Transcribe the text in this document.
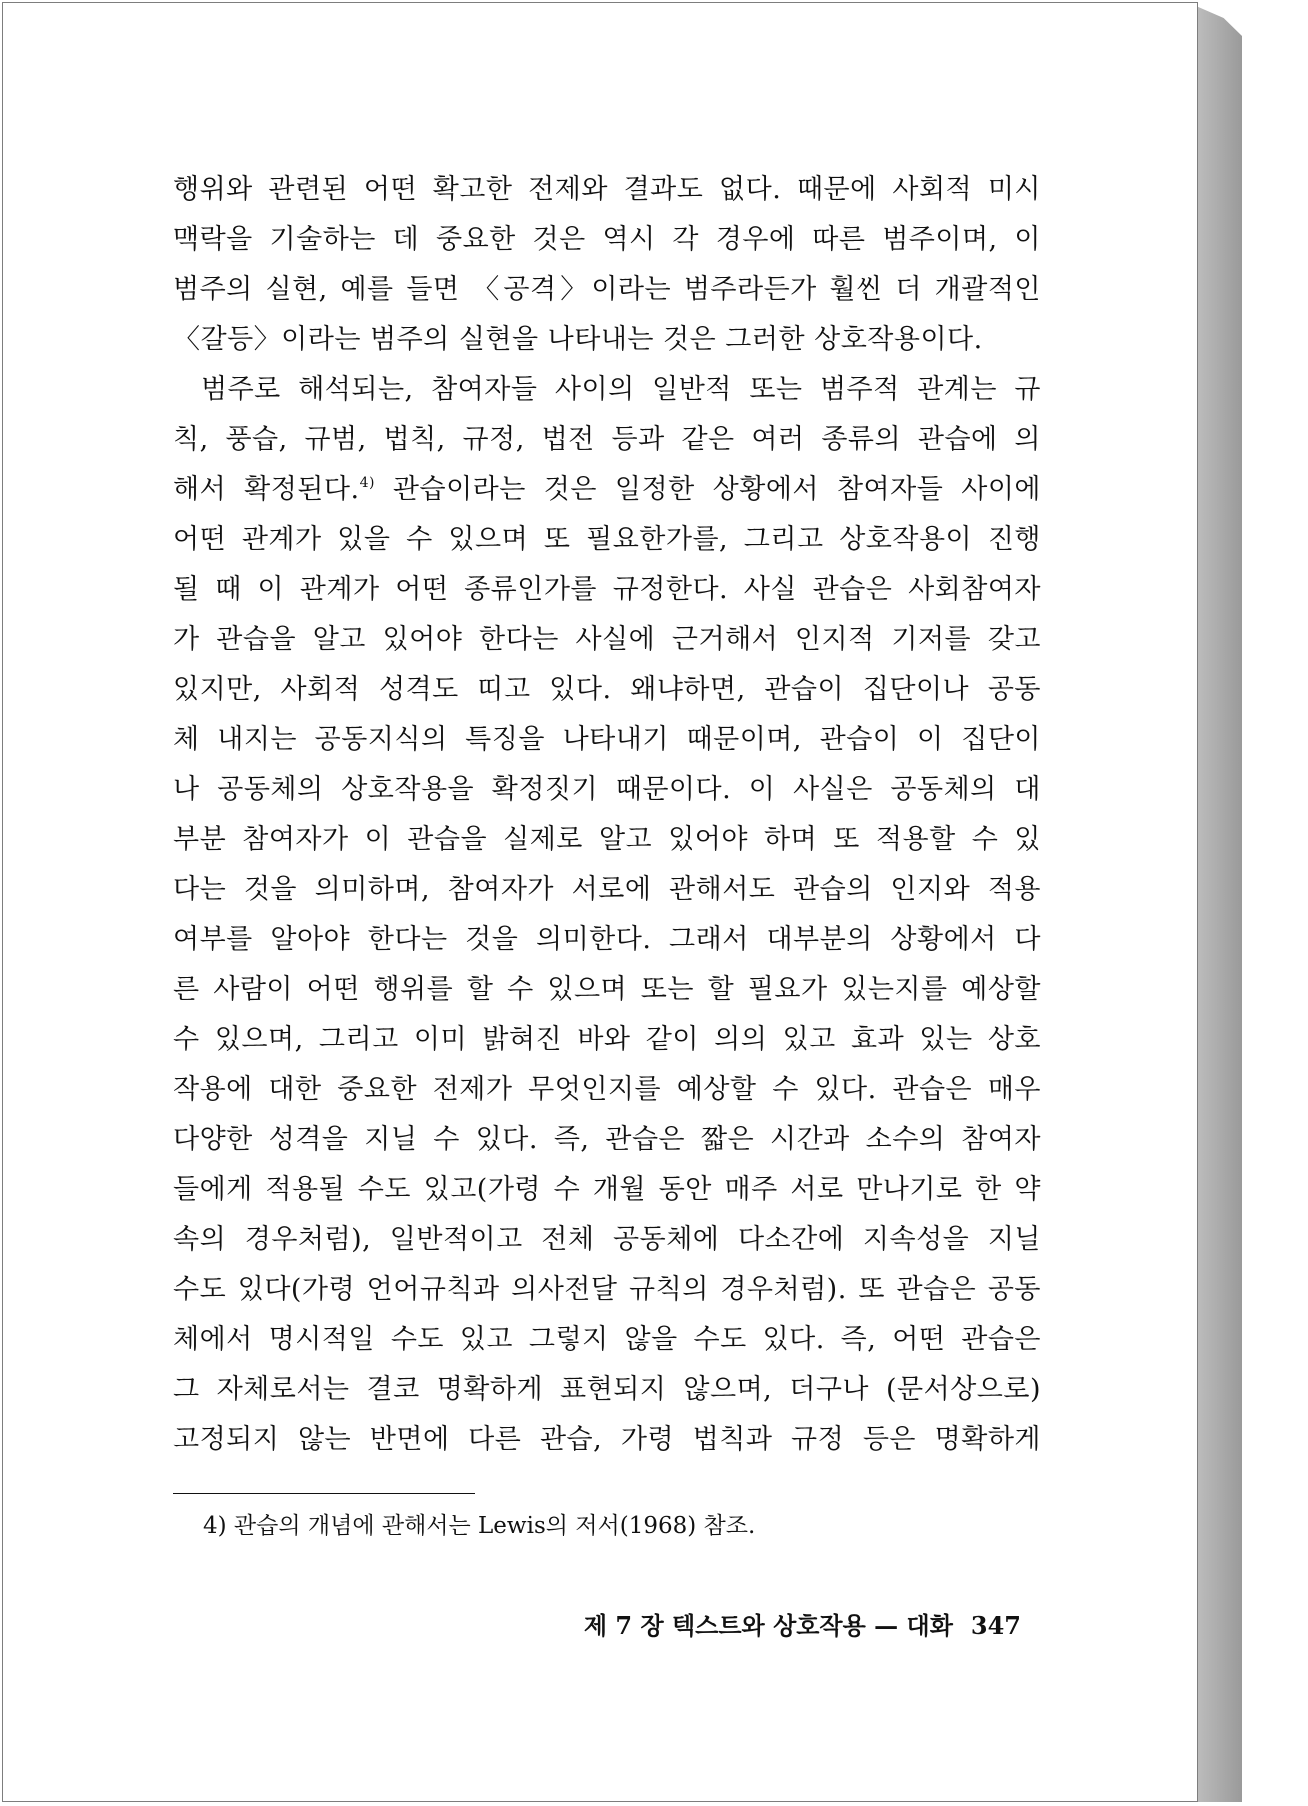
행위와 관련된 어떤 확고한 전제와 결과도 없다. 때문에 사회적 미시
맥락을 기술하는 데 중요한 것은 역시 각 경우에 따른 범주이며, 이
범주의 실현, 예를 들면 〈공격〉이라는 범주라든가 훨씬 더 개괄적인
〈갈등〉이라는 범주의 실현을 나타내는 것은 그러한 상호작용이다.
범주로 해석되는, 참여자들 사이의 일반적 또는 범주적 관계는 규
칙, 풍습, 규범, 법칙, 규정, 법전 등과 같은 여러 종류의 관습에 의
해서 확정된다.$^{4)}$ 관습이라는 것은 일정한 상황에서 참여자들 사이에
어떤 관계가 있을 수 있으며 또 필요한가를, 그리고 상호작용이 진행
될 때 이 관계가 어떤 종류인가를 규정한다. 사실 관습은 사회참여자
가 관습을 알고 있어야 한다는 사실에 근거해서 인지적 기저를 갖고
있지만, 사회적 성격도 띠고 있다. 왜냐하면, 관습이 집단이나 공동
체 내지는 공동지식의 특징을 나타내기 때문이며, 관습이 이 집단이
나 공동체의 상호작용을 확정짓기 때문이다. 이 사실은 공동체의 대
부분 참여자가 이 관습을 실제로 알고 있어야 하며 또 적용할 수 있
다는 것을 의미하며, 참여자가 서로에 관해서도 관습의 인지와 적용
여부를 알아야 한다는 것을 의미한다. 그래서 대부분의 상황에서 다
른 사람이 어떤 행위를 할 수 있으며 또는 할 필요가 있는지를 예상할
수 있으며, 그리고 이미 밝혀진 바와 같이 의의 있고 효과 있는 상호
작용에 대한 중요한 전제가 무엇인지를 예상할 수 있다. 관습은 매우
다양한 성격을 지닐 수 있다. 즉, 관습은 짧은 시간과 소수의 참여자
들에게 적용될 수도 있고(가령 수 개월 동안 매주 서로 만나기로 한 약
속의 경우처럼), 일반적이고 전체 공동체에 다소간에 지속성을 지닐
수도 있다(가령 언어규칙과 의사전달 규칙의 경우처럼). 또 관습은 공동
체에서 명시적일 수도 있고 그렇지 않을 수도 있다. 즉, 어떤 관습은
그 자체로서는 결코 명확하게 표현되지 않으며, 더구나 (문서상으로)
고정되지 않는 반면에 다른 관습, 가령 법칙과 규정 등은 명확하게
4) 관습의 개념에 관해서는 Lewis의 저서(1968) 참조.
제 7 장 텍스트와 상호작용 — 대화 347
